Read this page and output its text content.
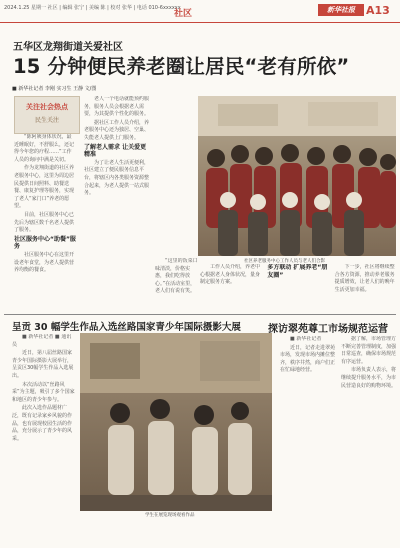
2024.1.25 星期一 社区 | 编辑 张宁 | 美编 陈 | 校对 张华 | 电话 010-6xxxxxx
社区	新华社报	A13
五华区龙翔街道关爱社区
15 分钟便民养老圈让居民“老有所依”
■ 新华社记者 李刚 实习生 王静 文/图
关注社会热点
民生关注

“陈阿姨身体状况，最近睡眠好，不舒服么，还记得今年您的疗程……”工作人员的询问中满是关切。

作为龙翔街道的社区养老服务中心，这里为周边居民提供日间照料、助餐送餐、康复护理等服务，实现了老人“家门口”养老的愿望。

目前，社区服务中心已先后为辖区数千名老人提供了服务。

社区服务中心“助餐”服务

社区服务中心在这里开设老年食堂，为老人提供营养均衡的餐食。

老人一个电话就能预约服务，服务人员会根据老人需要，为其提供个性化的服务。

据社区工作人员介绍，养老服务中心还为独居、空巢、失能老人提供上门服务。

了解老人需求 让关爱更精准

为了让老人生活更便利，社区建立了便民服务信息平台，将辖区内各类服务资源整合起来，为老人提供一站式服务。

“这里的饭菜口味清淡，价格实惠，我们吃得放心。”在活动室里，老人们有说有笑。

工作人员介绍，养老中心根据老人身体状况，量身制定服务方案。

多方联动 扩展养老“朋友圈”

下一步，社区将继续整合各方资源，推动养老服务提质增效，让老人们的晚年生活更加幸福。

社区养老服务中心工作人员与老人们合影
呈贡 30 幅学生作品入选丝路国家青少年国际摄影大展

■ 新华社记者 ■ 通讯员

近日，第八届丝路国家青少年国际摄影大展举行，呈贡区30幅学生作品入选展出。

本次活动以“丝路风采”为主题，吸引了多个国家和地区的青少年参与。

此次入选作品题材广泛，既有记录家乡风貌的作品，也有展现校园生活的作品，充分展示了青少年的风采。

学生在展览现场观看作品
探访翠苑尊工市场规范运营

■ 新华社记者

近日，记者走进翠苑市场，发现市场内摊位整齐，秩序井然，商户们正在忙碌地经营。

据了解，市场管理方不断完善管理制度，加强日常巡查，确保市场规范有序运营。

市场负责人表示，将继续提升服务水平，为市民营造良好的购物环境。
